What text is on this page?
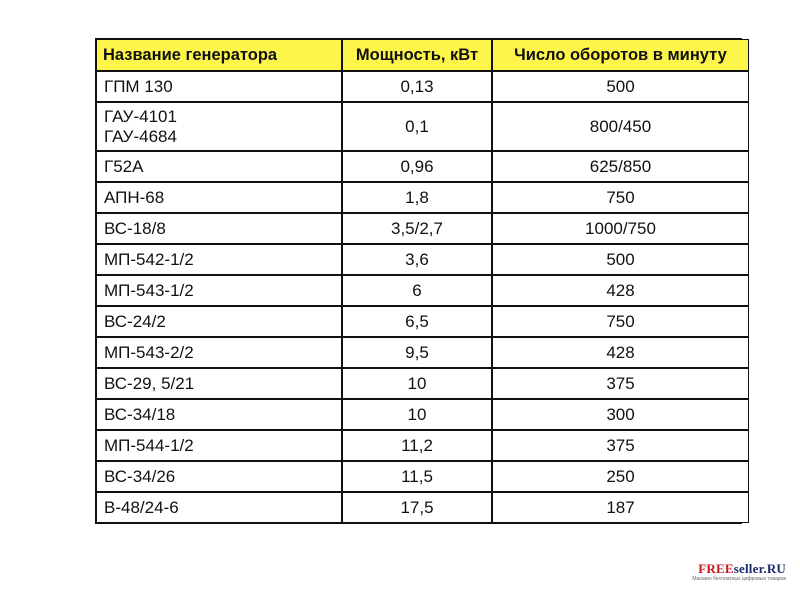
Название генератора	Мощность, кВт	Число оборотов в минуту

ГПМ 130	0,13	500

ГАУ-4101
ГАУ-4684	0,1	800/450

Г52А	0,96	625/850

АПН-68	1,8	750

ВС-18/8	3,5/2,7	1000/750

МП-542-1/2	3,6	500

МП-543-1/2	6	428

ВС-24/2	6,5	750

МП-543-2/2	9,5	428

ВС-29, 5/21	10	375

ВС-34/18	10	300

МП-544-1/2	11,2	375

ВС-34/26	11,5	250

В-48/24-6	17,5	187
FREEseller.RU
Магазин бесплатных цифровых товаров
